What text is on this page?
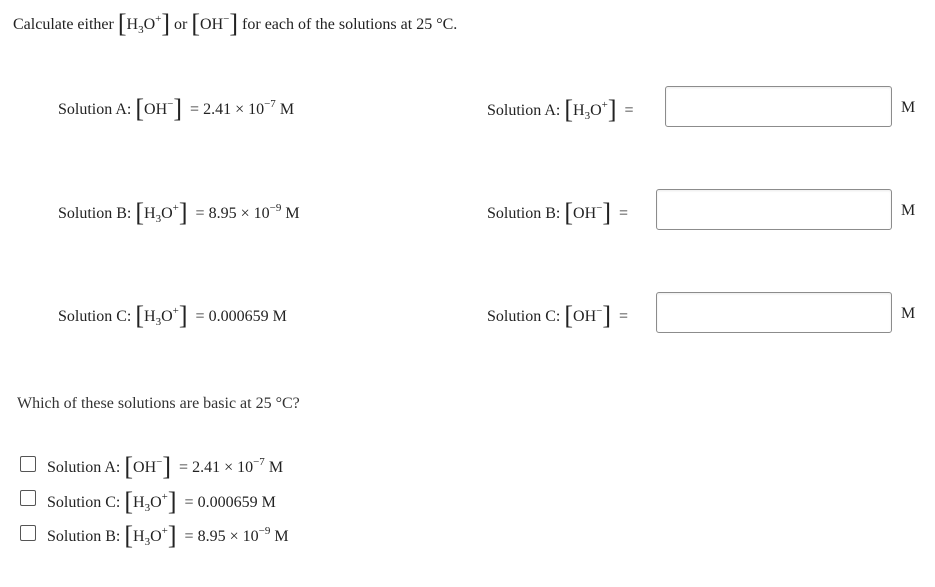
Calculate either $[H_3O^+]$ or [OH−] for each of the solutions at 25 °C.
Solution A: $[OH^-] = 2.41 \times 10^{-7}$ M
Solution B: $[H_3O^+] = 8.95 \times 10^{-9}$ M
Solution C: $[H_3O^+] = 0.000659$ M
Solution A: $[H_3O^+]$ =	M
Solution B: [OH−] =	M
Solution C: [OH−] =	M
Which of these solutions are basic at 25 °C?
Solution A: $[OH^-] = 2.41 \times 10^{-7}$ M
Solution C: $[H_3O^+] = 0.000659$ M
Solution B: $[H_3O^+] = 8.95 \times 10^{-9}$ M
